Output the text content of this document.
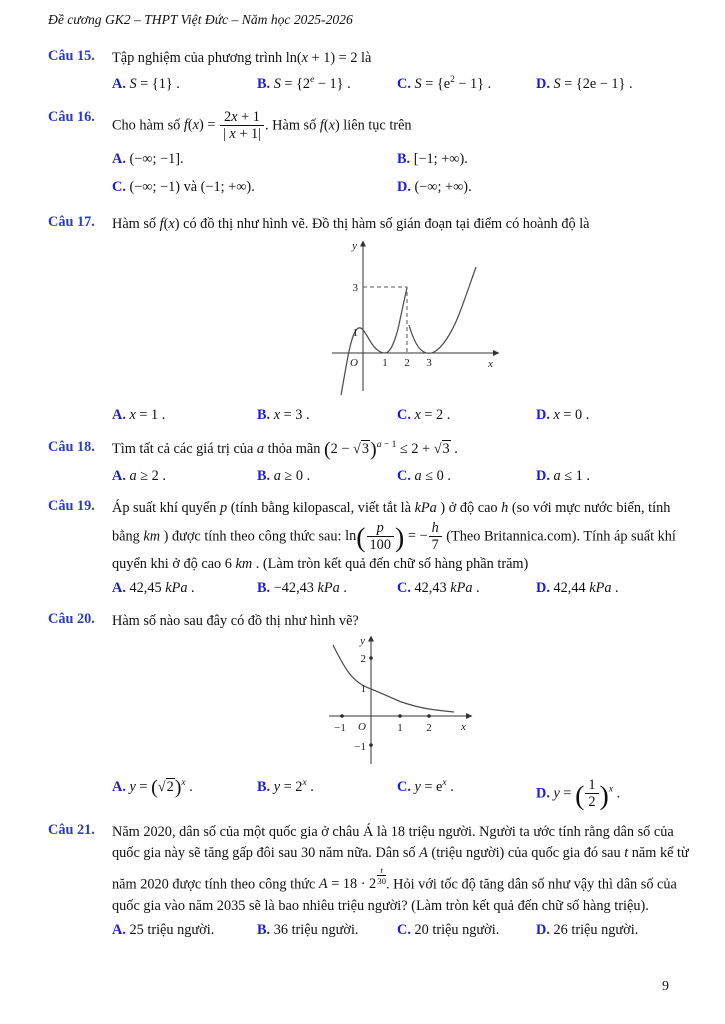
Đề cương GK2 – THPT Việt Đức – Năm học 2025-2026
Câu 15.	Tập nghiệm của phương trình ln(x + 1) = 2 là
A. S = {1} .	B. $S = \{2^e - 1\}$ .	C. $S = \{e^2 - 1\}$ .	D. S = {2e − 1} .
Câu 16.
Cho hàm số $f(x) = \frac{2x + 1}{| x + 1|}$ . Hàm số f(x) liên tục trên
A. (−∞; −1].	B. [−1; +∞).
C. (−∞; −1) và (−1; +∞).	D. (−∞; +∞).
Câu 17.	Hàm số f(x) có đồ thị như hình vẽ. Đồ thị hàm số gián đoạn tại điểm có hoành độ là
y
x
O 1 2 3
3
1
A. x = 1 .	B. x = 3 .	C. x = 2 .	D. x = 0 .
Câu 18.	Tìm tất cả các giá trị của a thỏa mãn $(2 - √3)^{a - 1} \le 2 + √3$ .
A. a ≥ 2 .	B. a ≥ 0 .	C. a ≤ 0 .	D. a ≤ 1 .
Câu 19.	Áp suất khí quyển p (tính bằng kilopascal, viết tắt là kPa ) ở độ cao h (so với mực nước biển, tính bằng km ) được tính theo công thức sau: $\ln( \frac{p}{100}$ ) = − $\frac{h}{7}$ (Theo Britannica.com). Tính áp suất khí quyển khi ở độ cao 6 km . (Làm tròn kết quả đến chữ số hàng phần trăm)
A. 42,45 kPa .	B. −42,43 kPa .	C. 42,43 kPa .	D. 42,44 kPa .
Câu 20.	Hàm số nào sau đây có đồ thị như hình vẽ?
y
x
O
−1	1 2
2
1
−1
A. $y = (√2)^x$ .	B. $y = 2^x$ .	C. $y = e^x$ .	D. y = ( $\frac{1}{2} )^x$ .
Câu 21.	Năm 2020, dân số của một quốc gia ở châu Á là 18 triệu người. Người ta ước tính rằng dân số của quốc gia này sẽ tăng gấp đôi sau 30 năm nữa. Dân số A (triệu người) của quốc gia đó sau t năm kể từ năm 2020 được tính theo công thức $A = 18 \cdot 2 \frac{t}{30}$ . Hỏi với tốc độ tăng dân số như vậy thì dân số của quốc gia vào năm 2035 sẽ là bao nhiêu triệu người? (Làm tròn kết quả đến chữ số hàng triệu).
A. 25 triệu người.	B. 36 triệu người.	C. 20 triệu người.	D. 26 triệu người.
9
